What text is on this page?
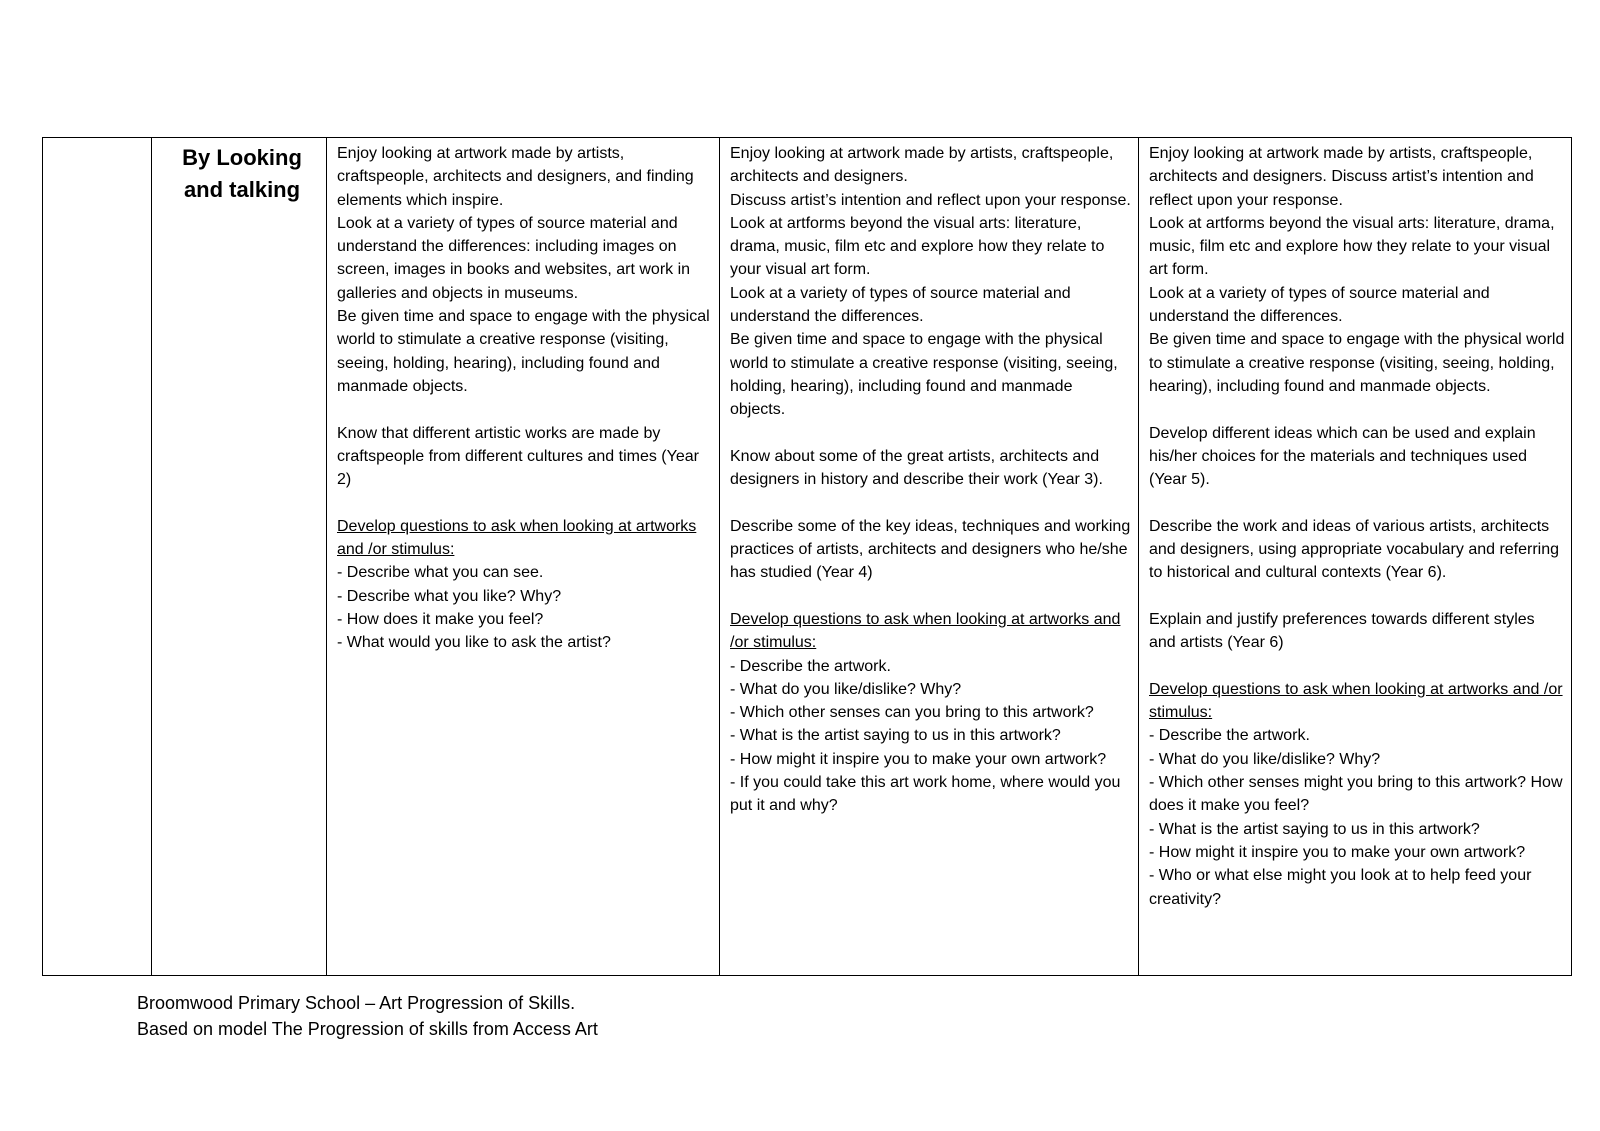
By Looking and talking

Enjoy looking at artwork made by artists, craftspeople, architects and designers, and finding elements which inspire.

Look at a variety of types of source material and understand the differences: including images on screen, images in books and websites, art work in galleries and objects in museums.

Be given time and space to engage with the physical world to stimulate a creative response (visiting, seeing, holding, hearing), including found and manmade objects.

Know that different artistic works are made by craftspeople from different cultures and times (Year 2)

Develop questions to ask when looking at artworks and /or stimulus:

- Describe what you can see.

- Describe what you like? Why?

- How does it make you feel?

- What would you like to ask the artist?

Enjoy looking at artwork made by artists, craftspeople, architects and designers.

Discuss artist’s intention and reflect upon your response.

Look at artforms beyond the visual arts: literature, drama, music, film etc and explore how they relate to your visual art form.

Look at a variety of types of source material and understand the differences.

Be given time and space to engage with the physical world to stimulate a creative response (visiting, seeing, holding, hearing), including found and manmade objects.

Know about some of the great artists, architects and designers in history and describe their work (Year 3).

Describe some of the key ideas, techniques and working practices of artists, architects and designers who he/she has studied (Year 4)

Develop questions to ask when looking at artworks and /or stimulus:

- Describe the artwork.

- What do you like/dislike? Why?

- Which other senses can you bring to this artwork?

- What is the artist saying to us in this artwork?

- How might it inspire you to make your own artwork?

- If you could take this art work home, where would you put it and why?

Enjoy looking at artwork made by artists, craftspeople, architects and designers. Discuss artist’s intention and reflect upon your response.

Look at artforms beyond the visual arts: literature, drama, music, film etc and explore how they relate to your visual art form.

Look at a variety of types of source material and understand the differences.

Be given time and space to engage with the physical world to stimulate a creative response (visiting, seeing, holding, hearing), including found and manmade objects.

Develop different ideas which can be used and explain his/her choices for the materials and techniques used (Year 5).

Describe the work and ideas of various artists, architects and designers, using appropriate vocabulary and referring to historical and cultural contexts (Year 6).

Explain and justify preferences towards different styles and artists (Year 6)

Develop questions to ask when looking at artworks and /or stimulus:

- Describe the artwork.

- What do you like/dislike? Why?

- Which other senses might you bring to this artwork? How does it make you feel?

- What is the artist saying to us in this artwork?

- How might it inspire you to make your own artwork?

- Who or what else might you look at to help feed your creativity?

Broomwood Primary School – Art Progression of Skills.
Based on model The Progression of skills from Access Art
